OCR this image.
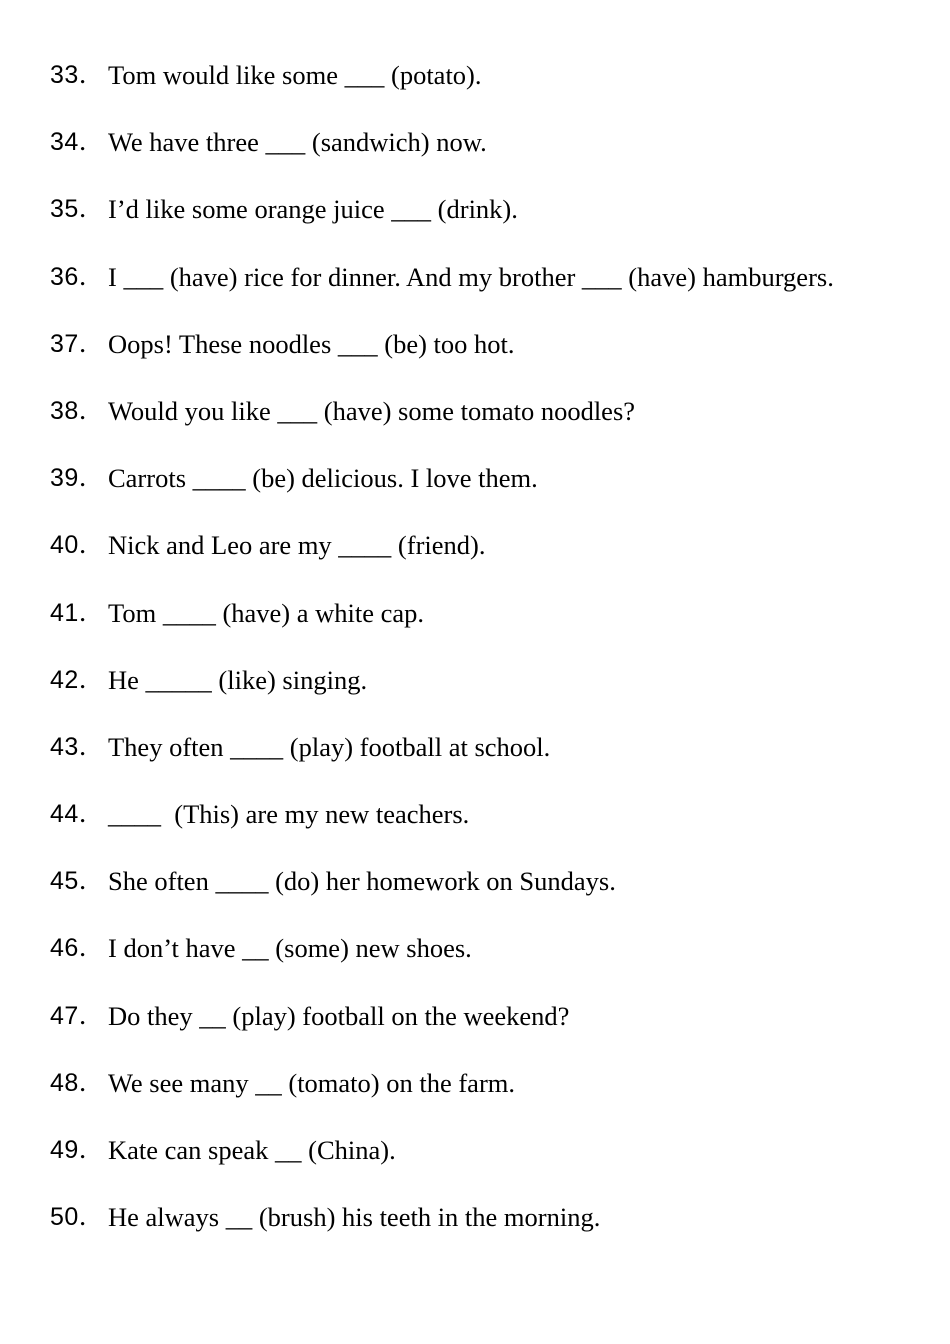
33． Tom would like some ___ (potato).
34． We have three ___ (sandwich) now.
35． I’d like some orange juice ___ (drink).
36． I ___ (have) rice for dinner. And my brother ___ (have) hamburgers.
37． Oops! These noodles ___ (be) too hot.
38． Would you like ___ (have) some tomato noodles?
39． Carrots ____ (be) delicious. I love them.
40． Nick and Leo are my ____ (friend).
41． Tom ____ (have) a white cap.
42． He _____ (like) singing.
43． They often ____ (play) football at school.
44． ____  (This) are my new teachers.
45． She often ____ (do) her homework on Sundays.
46． I don’t have __ (some) new shoes.
47． Do they __ (play) football on the weekend?
48． We see many __ (tomato) on the farm.
49． Kate can speak __ (China).
50． He always __ (brush) his teeth in the morning.
